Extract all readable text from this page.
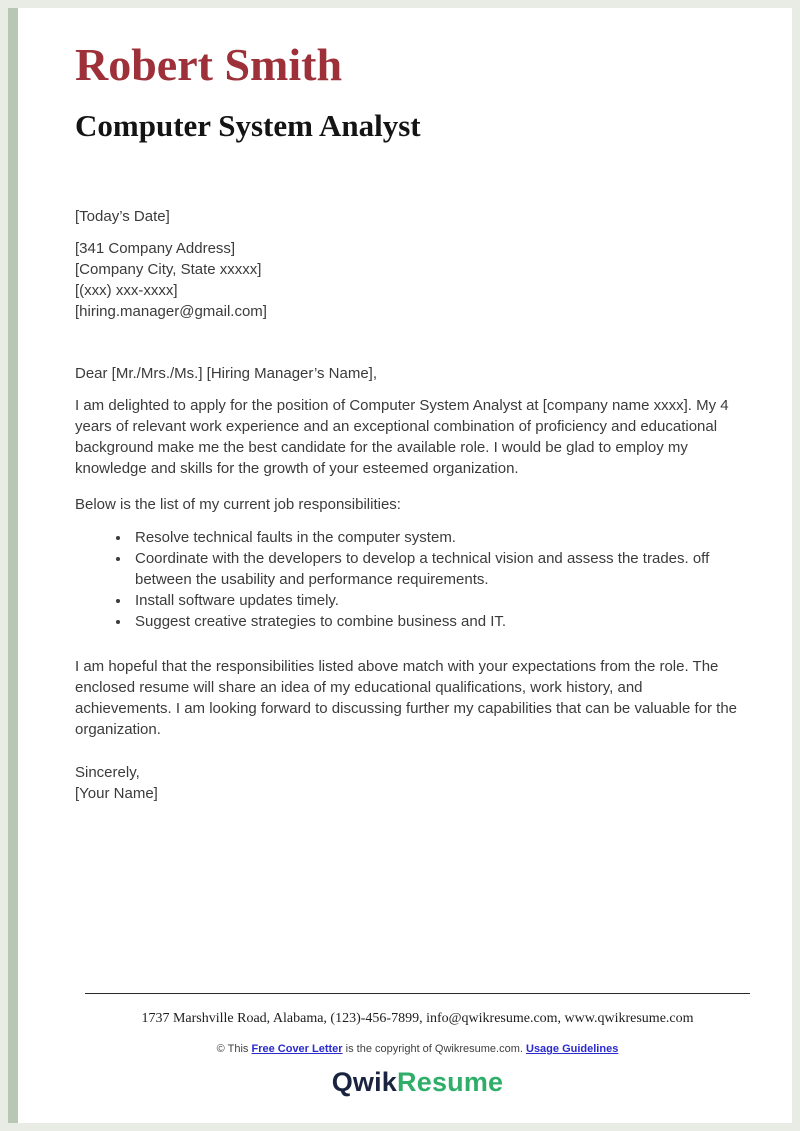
Robert Smith
Computer System Analyst
[Today’s Date]
[341 Company Address]
[Company City, State xxxxx]
[(xxx) xxx-xxxx]
[hiring.manager@gmail.com]
Dear [Mr./Mrs./Ms.] [Hiring Manager’s Name],

I am delighted to apply for the position of Computer System Analyst at [company name xxxx]. My 4 years of relevant work experience and an exceptional combination of proficiency and educational background make me the best candidate for the available role. I would be glad to employ my knowledge and skills for the growth of your esteemed organization.

Below is the list of my current job responsibilities:
• Resolve technical faults in the computer system.
• Coordinate with the developers to develop a technical vision and assess the trades. off between the usability and performance requirements.
• Install software updates timely.
• Suggest creative strategies to combine business and IT.

I am hopeful that the responsibilities listed above match with your expectations from the role. The enclosed resume will share an idea of my educational qualifications, work history, and achievements. I am looking forward to discussing further my capabilities that can be valuable for the organization.

Sincerely,
[Your Name]
1737 Marshville Road, Alabama, (123)-456-7899, info@qwikresume.com, www.qwikresume.com
© This Free Cover Letter is the copyright of Qwikresume.com. Usage Guidelines
QwikResume
